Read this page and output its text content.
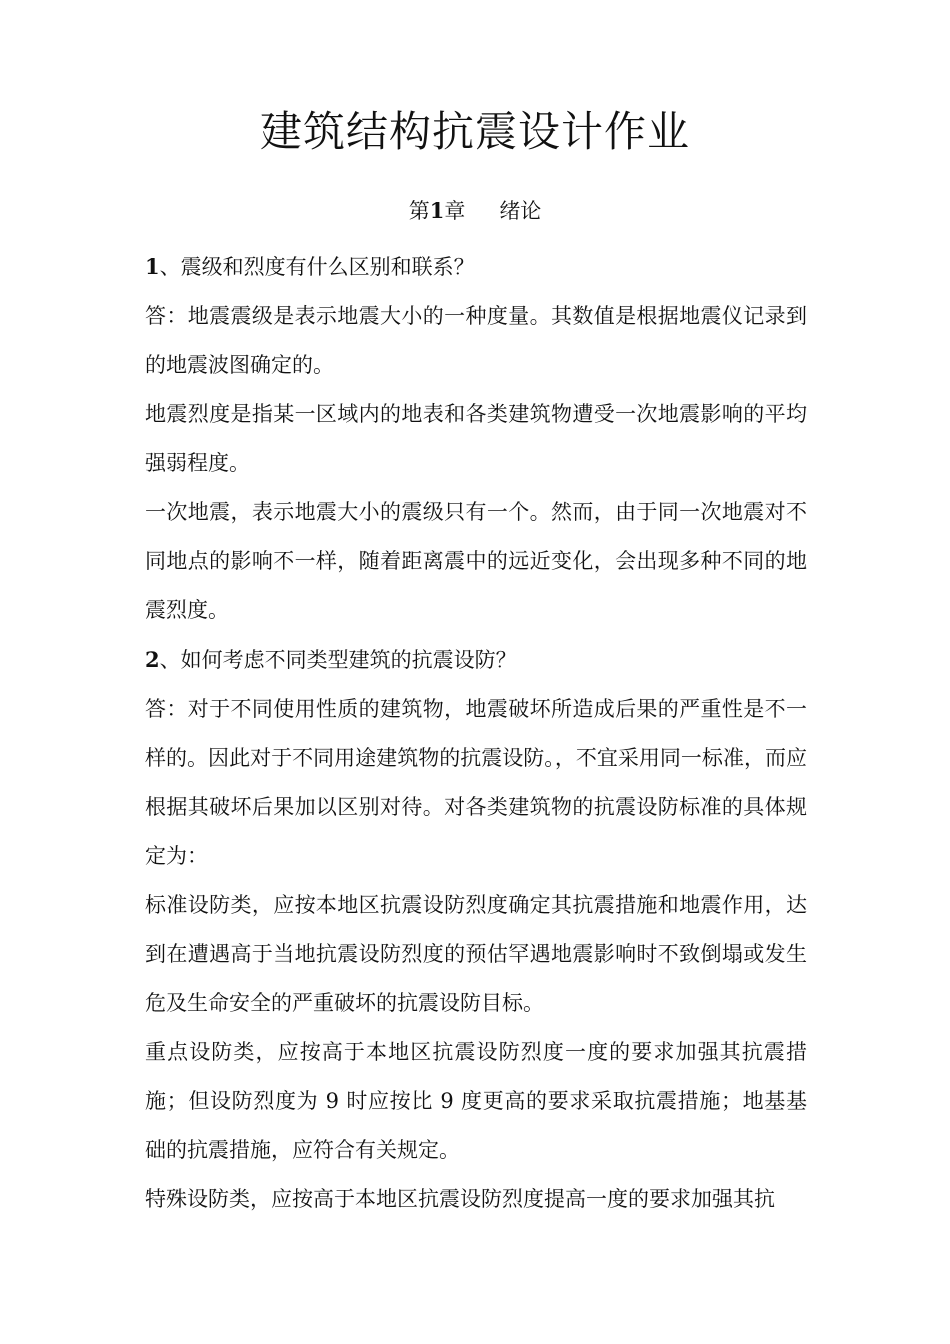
建筑结构抗震设计作业
第1章 绪论

1、震级和烈度有什么区别和联系？

答：地震震级是表示地震大小的一种度量。其数值是根据地震仪记录到的地震波图确定的。

地震烈度是指某一区域内的地表和各类建筑物遭受一次地震影响的平均强弱程度。

一次地震，表示地震大小的震级只有一个。然而，由于同一次地震对不同地点的影响不一样，随着距离震中的远近变化，会出现多种不同的地震烈度。

2、如何考虑不同类型建筑的抗震设防？

答：对于不同使用性质的建筑物，地震破坏所造成后果的严重性是不一样的。因此对于不同用途建筑物的抗震设防。，不宜采用同一标准，而应根据其破坏后果加以区别对待。对各类建筑物的抗震设防标准的具体规定为：

标准设防类，应按本地区抗震设防烈度确定其抗震措施和地震作用，达到在遭遇高于当地抗震设防烈度的预估罕遇地震影响时不致倒塌或发生危及生命安全的严重破坏的抗震设防目标。

重点设防类，应按高于本地区抗震设防烈度一度的要求加强其抗震措施；但设防烈度为 9 时应按比 9 度更高的要求采取抗震措施；地基基础的抗震措施，应符合有关规定。

特殊设防类，应按高于本地区抗震设防烈度提高一度的要求加强其抗
